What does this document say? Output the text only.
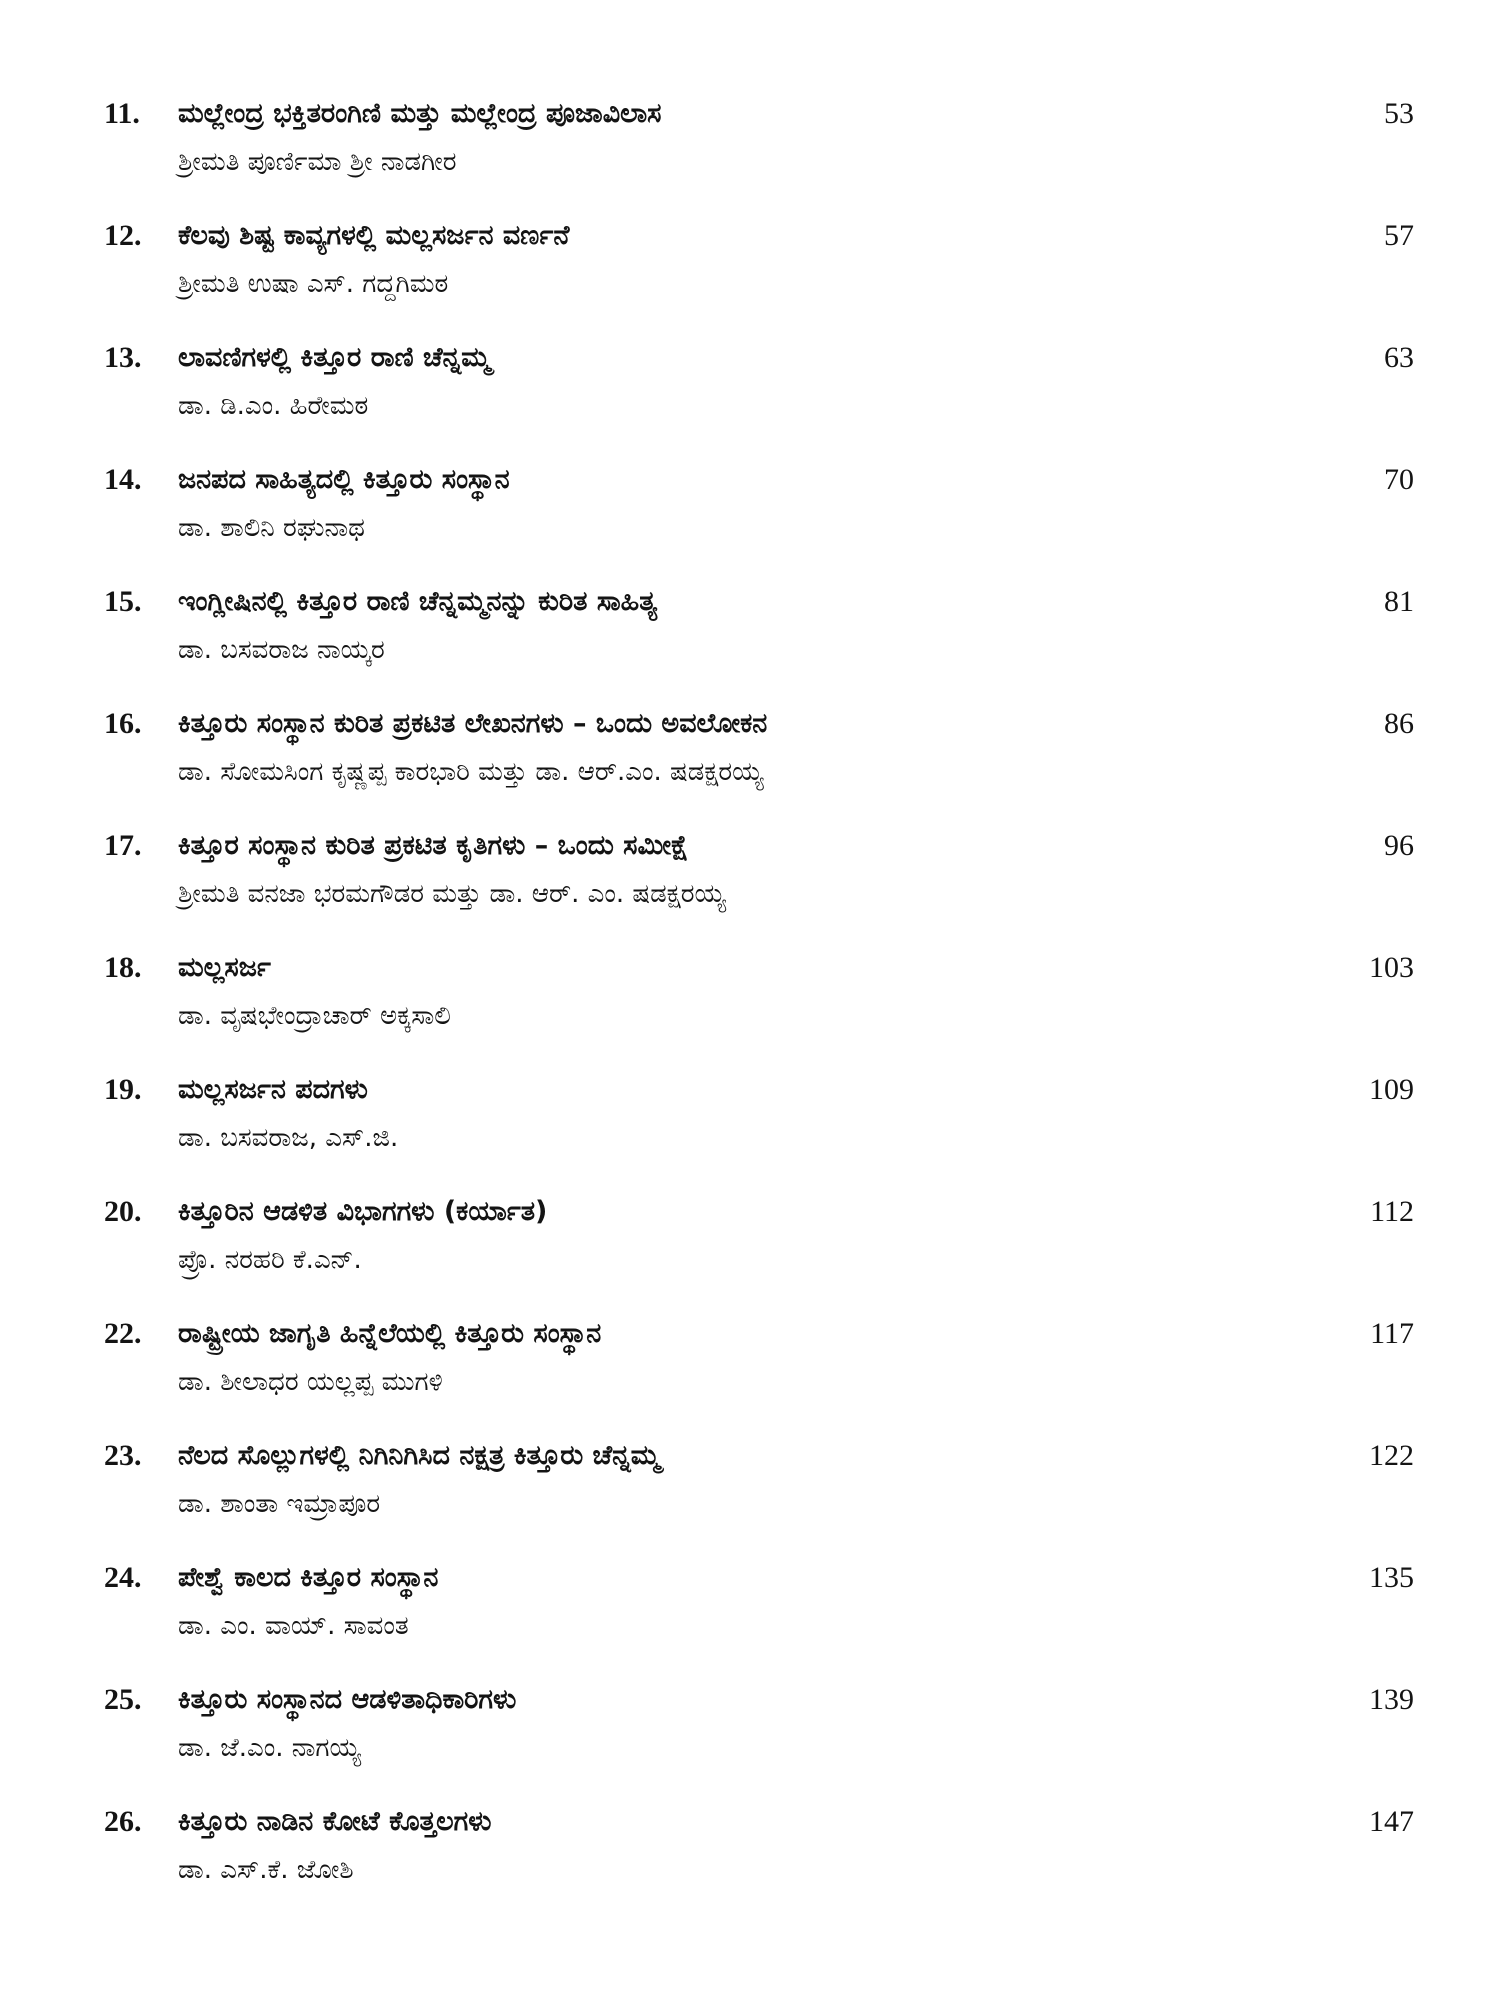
11. ಮಲ್ಲೇಂದ್ರ ಭಕ್ತಿತರಂಗಿಣಿ ಮತ್ತು ಮಲ್ಲೇಂದ್ರ ಪೂಜಾವಿಲಾಸ
ಶ್ರೀಮತಿ ಪೂರ್ಣಿಮಾ ಶ್ರೀ ನಾಡಗೀರ
53
12. ಕೆಲವು ಶಿಷ್ಟ ಕಾವ್ಯಗಳಲ್ಲಿ ಮಲ್ಲಸರ್ಜನ ವರ್ಣನೆ
ಶ್ರೀಮತಿ ಉಷಾ ಎಸ್. ಗದ್ದಗಿಮಠ
57
13. ಲಾವಣಿಗಳಲ್ಲಿ ಕಿತ್ತೂರ ರಾಣಿ ಚೆನ್ನಮ್ಮ
ಡಾ. ಡಿ.ಎಂ. ಹಿರೇಮಠ
63
14. ಜನಪದ ಸಾಹಿತ್ಯದಲ್ಲಿ ಕಿತ್ತೂರು ಸಂಸ್ಥಾನ
ಡಾ. ಶಾಲಿನಿ ರಘುನಾಥ
70
15. ಇಂಗ್ಲೀಷಿನಲ್ಲಿ ಕಿತ್ತೂರ ರಾಣಿ ಚೆನ್ನಮ್ಮನನ್ನು ಕುರಿತ ಸಾಹಿತ್ಯ
ಡಾ. ಬಸವರಾಜ ನಾಯ್ಕರ
81
16. ಕಿತ್ತೂರು ಸಂಸ್ಥಾನ ಕುರಿತ ಪ್ರಕಟಿತ ಲೇಖನಗಳು – ಒಂದು ಅವಲೋಕನ
ಡಾ. ಸೋಮಸಿಂಗ ಕೃಷ್ಣಪ್ಪ ಕಾರಭಾರಿ ಮತ್ತು ಡಾ. ಆರ್.ಎಂ. ಷಡಕ್ಷರಯ್ಯ
86
17. ಕಿತ್ತೂರ ಸಂಸ್ಥಾನ ಕುರಿತ ಪ್ರಕಟಿತ ಕೃತಿಗಳು – ಒಂದು ಸಮೀಕ್ಷೆ
ಶ್ರೀಮತಿ ವನಜಾ ಭರಮಗೌಡರ ಮತ್ತು ಡಾ. ಆರ್. ಎಂ. ಷಡಕ್ಷರಯ್ಯ
96
18. ಮಲ್ಲಸರ್ಜ
ಡಾ. ವೃಷಭೇಂದ್ರಾಚಾರ್ ಅಕ್ಕಸಾಲಿ
103
19. ಮಲ್ಲಸರ್ಜನ ಪದಗಳು
ಡಾ. ಬಸವರಾಜ, ಎಸ್.ಜಿ.
109
20. ಕಿತ್ತೂರಿನ ಆಡಳಿತ ವಿಭಾಗಗಳು (ಕರ್ಯಾತ)
ಪ್ರೊ. ನರಹರಿ ಕೆ.ಎನ್.
112
22. ರಾಷ್ಟ್ರೀಯ ಜಾಗೃತಿ ಹಿನ್ನೆಲೆಯಲ್ಲಿ ಕಿತ್ತೂರು ಸಂಸ್ಥಾನ
ಡಾ. ಶೀಲಾಧರ ಯಲ್ಲಪ್ಪ ಮುಗಳಿ
117
23. ನೆಲದ ಸೊಲ್ಲುಗಳಲ್ಲಿ ನಿಗಿನಿಗಿಸಿದ ನಕ್ಷತ್ರ ಕಿತ್ತೂರು ಚೆನ್ನಮ್ಮ
ಡಾ. ಶಾಂತಾ ಇಮ್ರಾಪೂರ
122
24. ಪೇಶ್ವೆ ಕಾಲದ ಕಿತ್ತೂರ ಸಂಸ್ಥಾನ
ಡಾ. ಎಂ. ವಾಯ್. ಸಾವಂತ
135
25. ಕಿತ್ತೂರು ಸಂಸ್ಥಾನದ ಆಡಳಿತಾಧಿಕಾರಿಗಳು
ಡಾ. ಜೆ.ಎಂ. ನಾಗಯ್ಯ
139
26. ಕಿತ್ತೂರು ನಾಡಿನ ಕೋಟೆ ಕೊತ್ತಲಗಳು
ಡಾ. ಎಸ್.ಕೆ. ಜೋಶಿ
147
